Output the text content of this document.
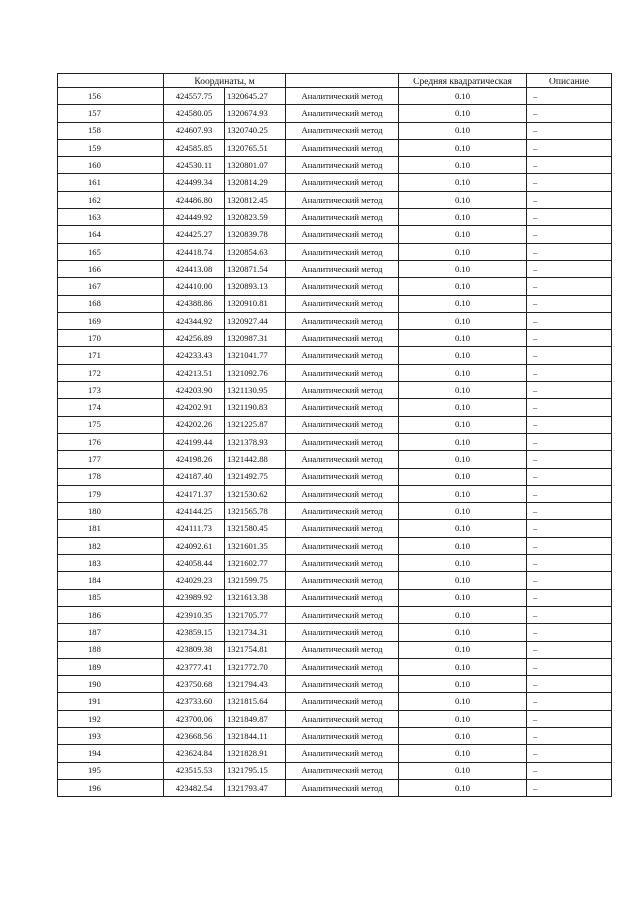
	Координаты, м			Средняя квадратическая	Описание
156	424557.75	1320645.27	Аналитический метод	0.10	–
157	424580.05	1320674.93	Аналитический метод	0.10	–
158	424607.93	1320740.25	Аналитический метод	0.10	–
159	424585.85	1320765.51	Аналитический метод	0.10	–
160	424530.11	1320801.07	Аналитический метод	0.10	–
161	424499.34	1320814.29	Аналитический метод	0.10	–
162	424486.80	1320812.45	Аналитический метод	0.10	–
163	424449.92	1320823.59	Аналитический метод	0.10	–
164	424425.27	1320839.78	Аналитический метод	0.10	–
165	424418.74	1320854.63	Аналитический метод	0.10	–
166	424413.08	1320871.54	Аналитический метод	0.10	–
167	424410.00	1320893.13	Аналитический метод	0.10	–
168	424388.86	1320910.81	Аналитический метод	0.10	–
169	424344.92	1320927.44	Аналитический метод	0.10	–
170	424256.89	1320987.31	Аналитический метод	0.10	–
171	424233.43	1321041.77	Аналитический метод	0.10	–
172	424213.51	1321092.76	Аналитический метод	0.10	–
173	424203.90	1321130.95	Аналитический метод	0.10	–
174	424202.91	1321190.83	Аналитический метод	0.10	–
175	424202.26	1321225.87	Аналитический метод	0.10	–
176	424199.44	1321378.93	Аналитический метод	0.10	–
177	424198.26	1321442.88	Аналитический метод	0.10	–
178	424187.40	1321492.75	Аналитический метод	0.10	–
179	424171.37	1321530.62	Аналитический метод	0.10	–
180	424144.25	1321565.78	Аналитический метод	0.10	–
181	424111.73	1321580.45	Аналитический метод	0.10	–
182	424092.61	1321601.35	Аналитический метод	0.10	–
183	424058.44	1321602.77	Аналитический метод	0.10	–
184	424029.23	1321599.75	Аналитический метод	0.10	–
185	423989.92	1321613.38	Аналитический метод	0.10	–
186	423910.35	1321705.77	Аналитический метод	0.10	–
187	423859.15	1321734.31	Аналитический метод	0.10	–
188	423809.38	1321754.81	Аналитический метод	0.10	–
189	423777.41	1321772.70	Аналитический метод	0.10	–
190	423750.68	1321794.43	Аналитический метод	0.10	–
191	423733.60	1321815.64	Аналитический метод	0.10	–
192	423700.06	1321849.87	Аналитический метод	0.10	–
193	423668.56	1321844.11	Аналитический метод	0.10	–
194	423624.84	1321828.91	Аналитический метод	0.10	–
195	423515.53	1321795.15	Аналитический метод	0.10	–
196	423482.54	1321793.47	Аналитический метод	0.10	–
